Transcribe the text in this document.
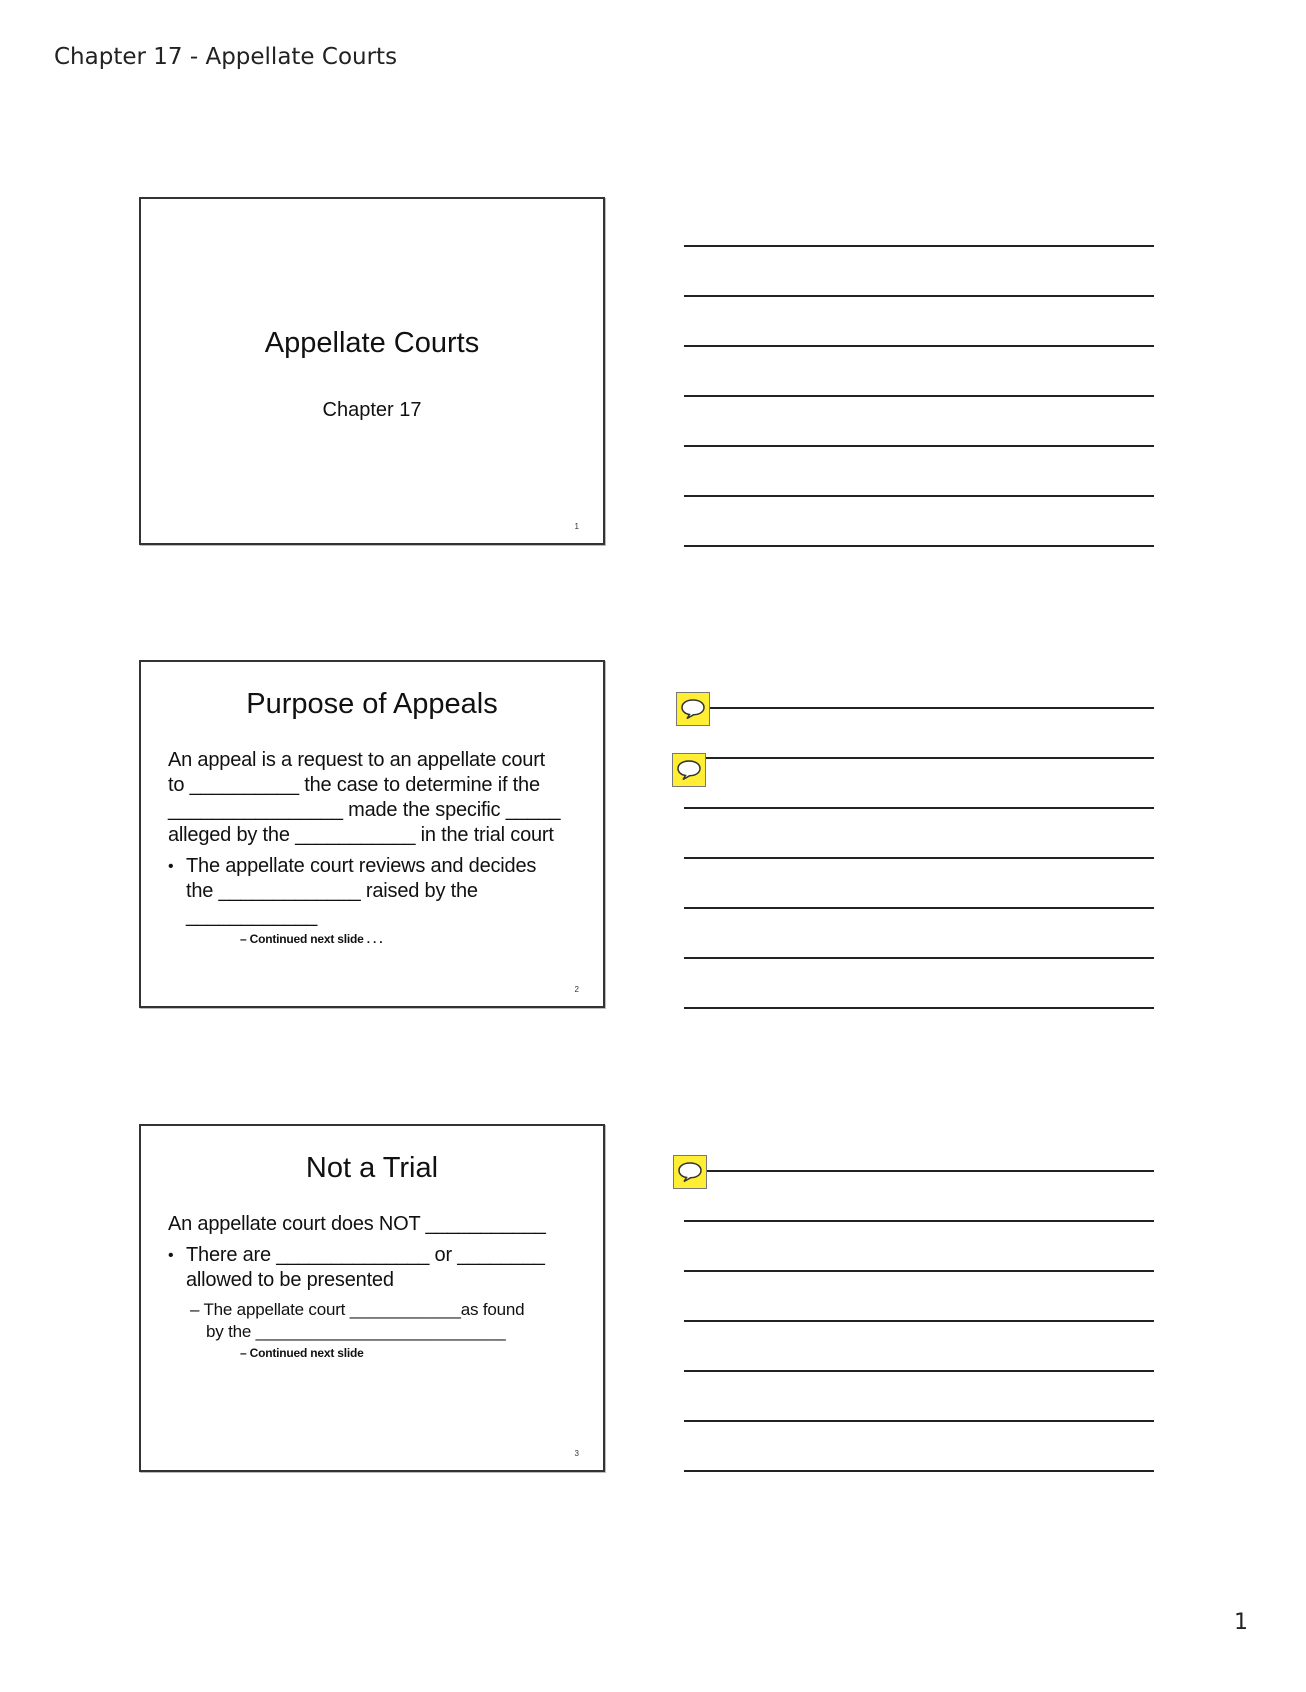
Chapter 17 - Appellate Courts
Appellate Courts
Chapter 17
1
Purpose of Appeals

An appeal is a request to an appellate court

to __________ the case to determine if the

________________ made the specific _____

alleged by the ___________ in the trial court

• The appellate court reviews and decides
the _____________ raised by the
____________

– Continued next slide . . .

2
Not a Trial

An appellate court does NOT ___________

• There are ______________ or ________
allowed to be presented

– The appellate court ____________as found
by the ___________________________

– Continued next slide

3
1
